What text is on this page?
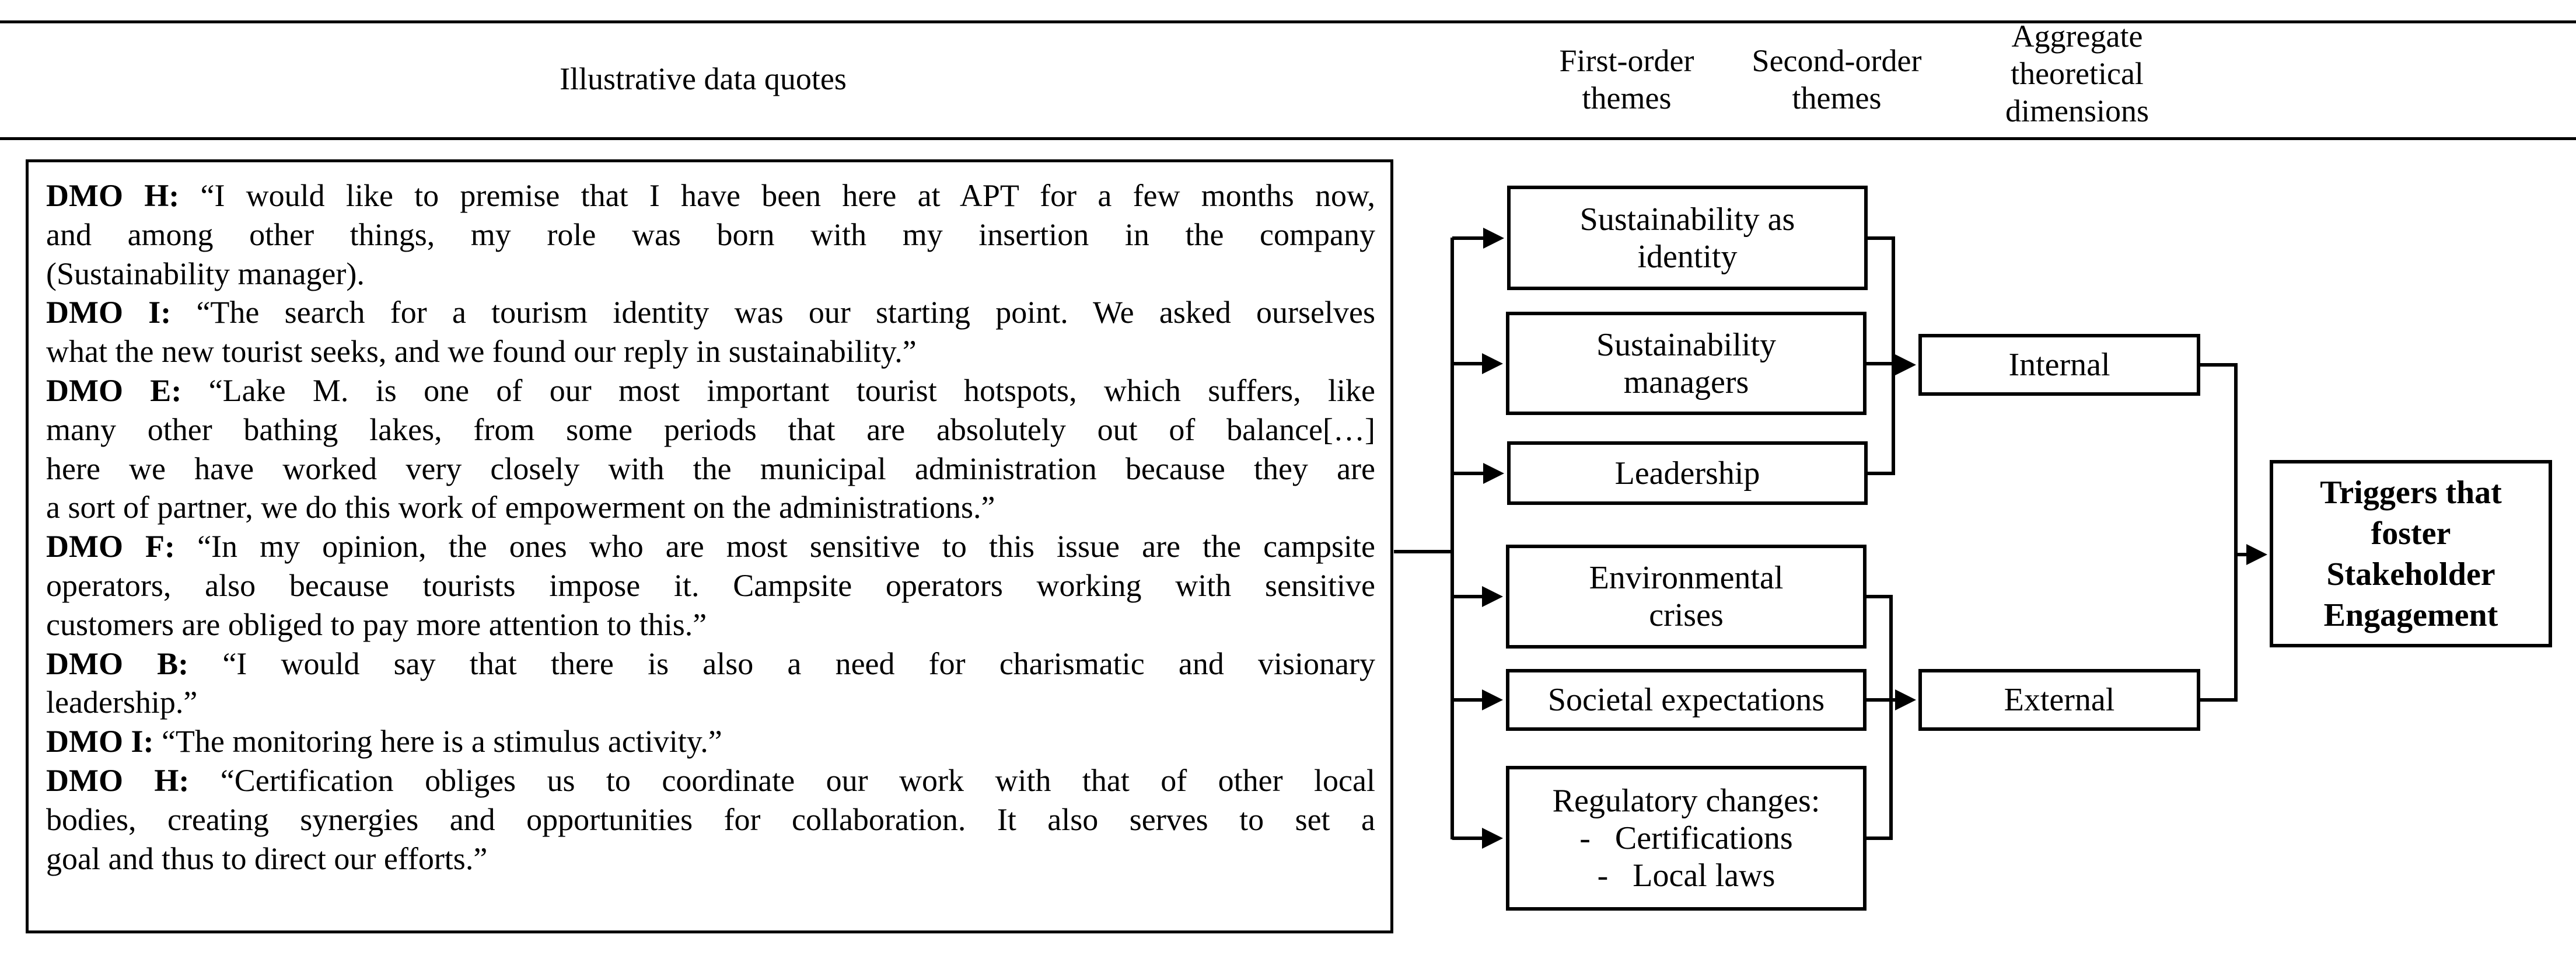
Illustrative data quotes
First-order
themes
Second-order
themes
Aggregate
theoretical
dimensions
DMO H: “I would like to premise that I have been here at APT for a few months now,
and among other things, my role was born with my insertion in the company
(Sustainability manager).
DMO I: “The search for a tourism identity was our starting point. We asked ourselves
what the new tourist seeks, and we found our reply in sustainability.”
DMO E: “Lake M. is one of our most important tourist hotspots, which suffers, like
many other bathing lakes, from some periods that are absolutely out of balance[…]
here we have worked very closely with the municipal administration because they are
a sort of partner, we do this work of empowerment on the administrations.”
DMO F: “In my opinion, the ones who are most sensitive to this issue are the campsite
operators, also because tourists impose it. Campsite operators working with sensitive
customers are obliged to pay more attention to this.”
DMO B: “I would say that there is also a need for charismatic and visionary
leadership.”
DMO I: “The monitoring here is a stimulus activity.”
DMO H: “Certification obliges us to coordinate our work with that of other local
bodies, creating synergies and opportunities for collaboration. It also serves to set a
goal and thus to direct our efforts.”
Sustainability as
identity
Sustainability
managers
Leadership
Environmental
crises
Societal expectations
Regulatory changes:
-   Certifications
-   Local laws
Internal
External
Triggers that
foster
Stakeholder
Engagement
